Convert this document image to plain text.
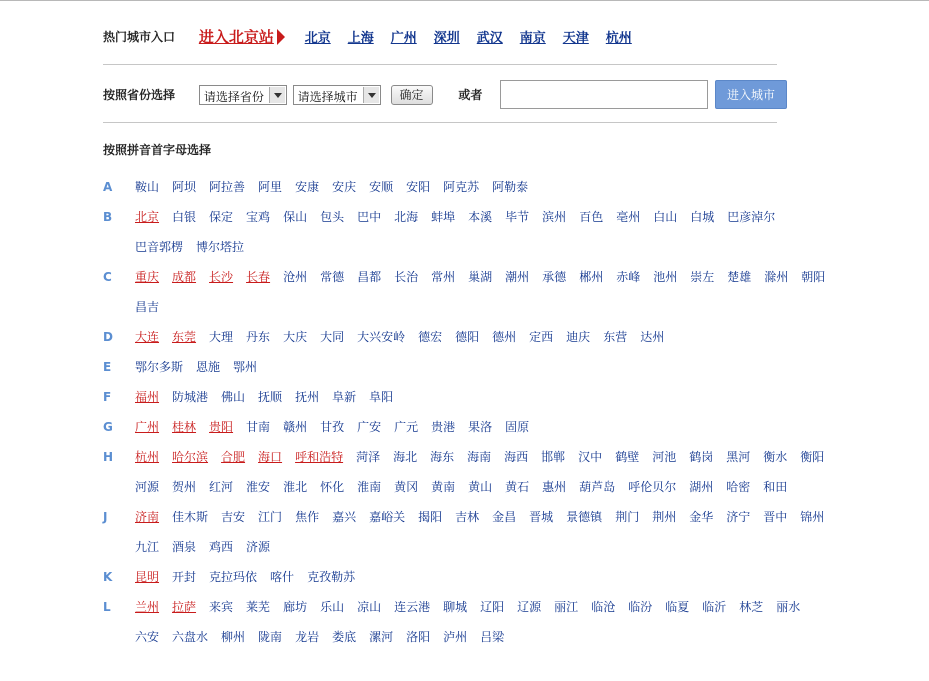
热门城市入口 进入北京站 北京 上海 广州 深圳 武汉 南京 天津 杭州
按照省份选择 请选择省份
	请选择城市	确定	或者	进入城市
按照拼音首字母选择
A	鞍山 阿坝 阿拉善 阿里 安康 安庆 安顺 安阳 阿克苏 阿勒泰
B	北京 白银 保定 宝鸡 保山 包头 巴中 北海 蚌埠 本溪 毕节 滨州 百色 亳州 白山 白城 巴彦淖尔
巴音郭楞 博尔塔拉
C	重庆 成都 长沙 长春 沧州 常德 昌都 长治 常州 巢湖 潮州 承德 郴州 赤峰 池州 崇左 楚雄 滁州 朝阳
昌吉
D	大连 东莞 大理 丹东 大庆 大同 大兴安岭 德宏 德阳 德州 定西 迪庆 东营 达州
E	鄂尔多斯 恩施 鄂州
F	福州 防城港 佛山 抚顺 抚州 阜新 阜阳
G	广州 桂林 贵阳 甘南 赣州 甘孜 广安 广元 贵港 果洛 固原
H	杭州 哈尔滨 合肥 海口 呼和浩特 菏泽 海北 海东 海南 海西 邯郸 汉中 鹤壁 河池 鹤岗 黑河 衡水 衡阳
河源 贺州 红河 淮安 淮北 怀化 淮南 黄冈 黄南 黄山 黄石 惠州 葫芦岛 呼伦贝尔 湖州 哈密 和田
J	济南 佳木斯 吉安 江门 焦作 嘉兴 嘉峪关 揭阳 吉林 金昌 晋城 景德镇 荆门 荆州 金华 济宁 晋中 锦州
九江 酒泉 鸡西 济源
K	昆明 开封 克拉玛依 喀什 克孜勒苏
L	兰州 拉萨 来宾 莱芜 廊坊 乐山 凉山 连云港 聊城 辽阳 辽源 丽江 临沧 临汾 临夏 临沂 林芝 丽水
六安 六盘水 柳州 陇南 龙岩 娄底 漯河 洛阳 泸州 吕梁
